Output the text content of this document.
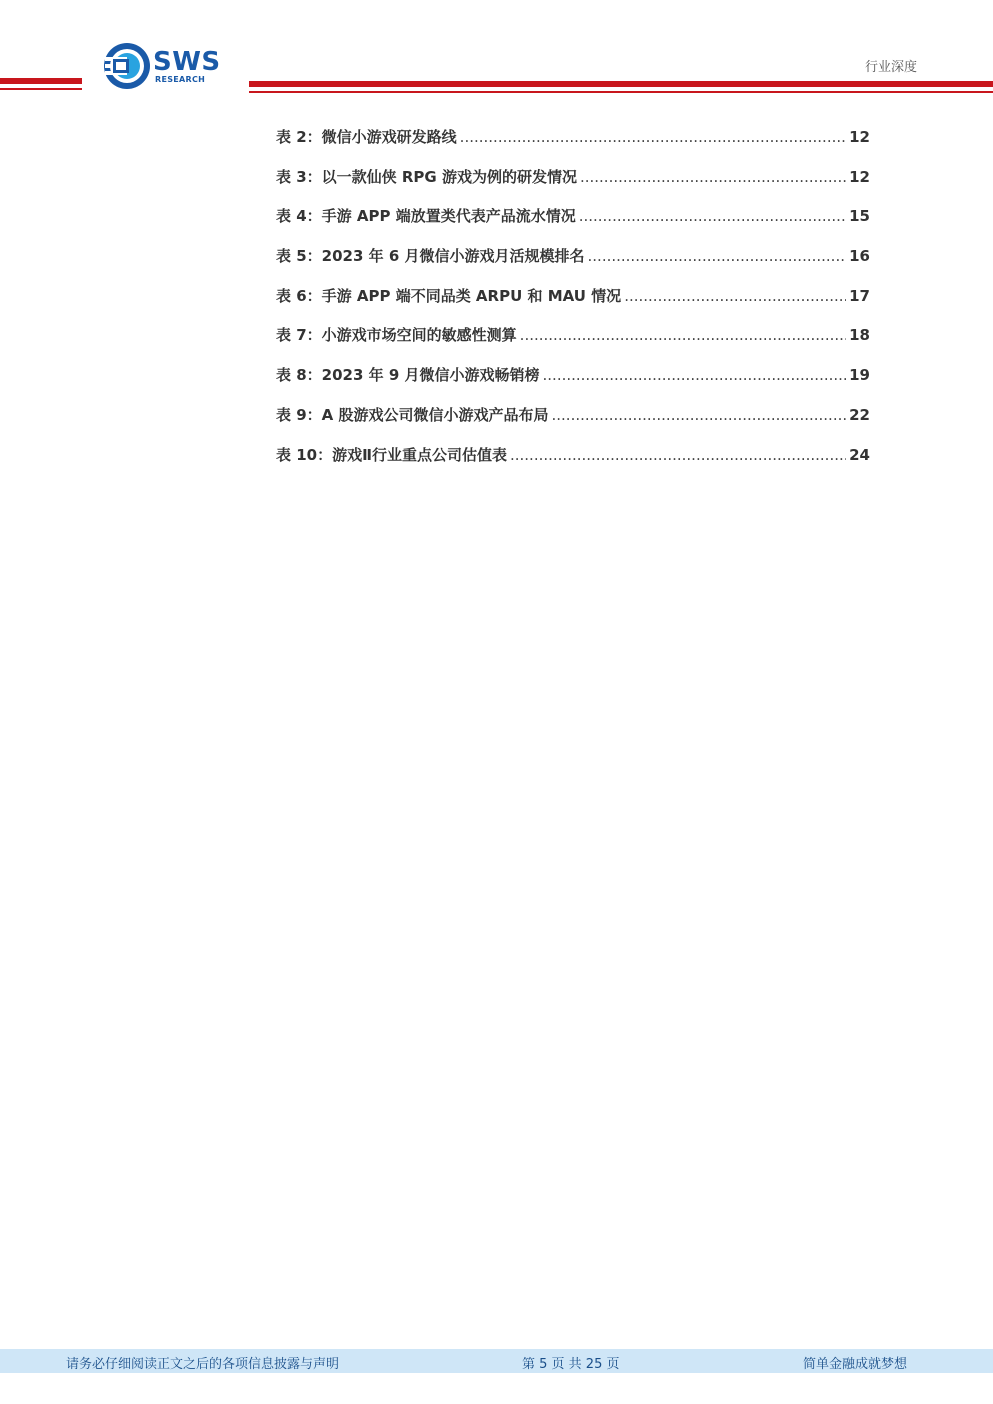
SWS
RESEARCH
行业深度
表 2：微信小游戏研发路线 .....	12
表 3：以一款仙侠 RPG 游戏为例的研发情况 .....	12
表 4：手游 APP 端放置类代表产品流水情况 .....	15
表 5：2023 年 6 月微信小游戏月活规模排名 .....	16
表 6：手游 APP 端不同品类 ARPU 和 MAU 情况 .....	17
表 7：小游戏市场空间的敏感性测算 .....	18
表 8：2023 年 9 月微信小游戏畅销榜 .....	19
表 9：A 股游戏公司微信小游戏产品布局 .....	22
表 10：游戏Ⅱ行业重点公司估值表 .....	24
请务必仔细阅读正文之后的各项信息披露与声明	第 5 页 共 25 页	简单金融成就梦想
